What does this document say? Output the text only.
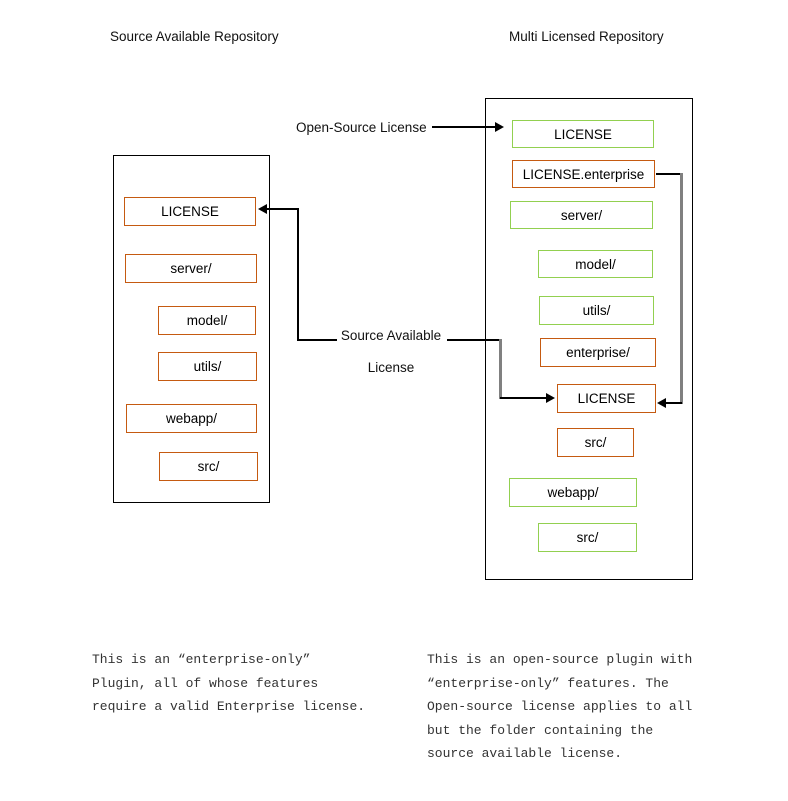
Source Available Repository	Multi Licensed Repository
LICENSE
server/
model/
utils/
webapp/
src/
LICENSE
LICENSE.enterprise
server/
model/
utils/
enterprise/
LICENSE
src/
webapp/
src/
Open-Source License
Source Available
License
This is an “enterprise-only”
Plugin, all of whose features
require a valid Enterprise license.
This is an open-source plugin with
“enterprise-only” features. The
Open-source license applies to all
but the folder containing the
source available license.
